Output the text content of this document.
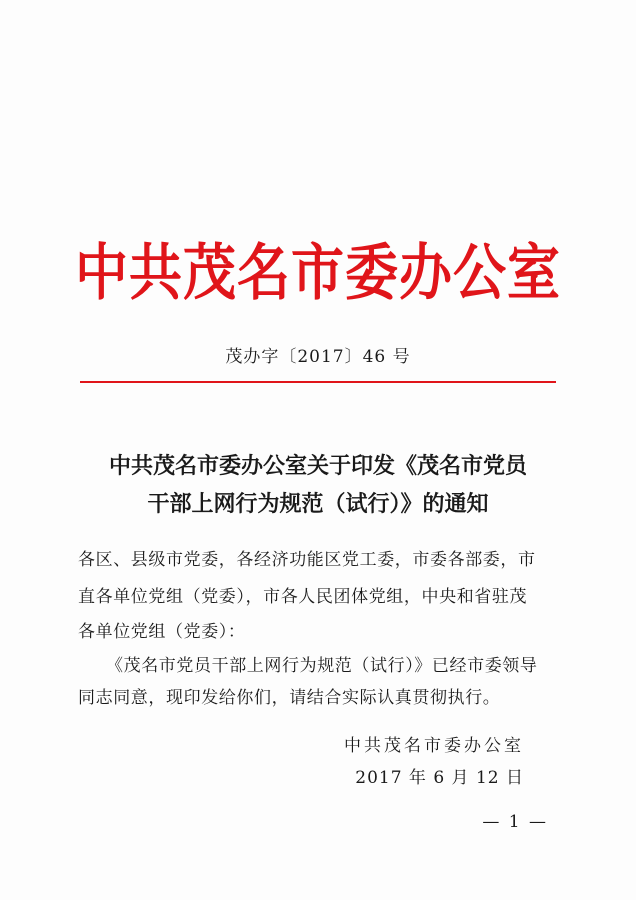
中共茂名市委办公室
茂办字〔2017〕46 号
中共茂名市委办公室关于印发《茂名市党员
干部上网行为规范（试行）》的通知
各区、县级市党委，各经济功能区党工委，市委各部委，市
直各单位党组（党委），市各人民团体党组，中央和省驻茂
各单位党组（党委）：
《茂名市党员干部上网行为规范（试行）》已经市委领导
同志同意，现印发给你们，请结合实际认真贯彻执行。
中共茂名市委办公室
2017 年 6 月 12 日
— 1 —
